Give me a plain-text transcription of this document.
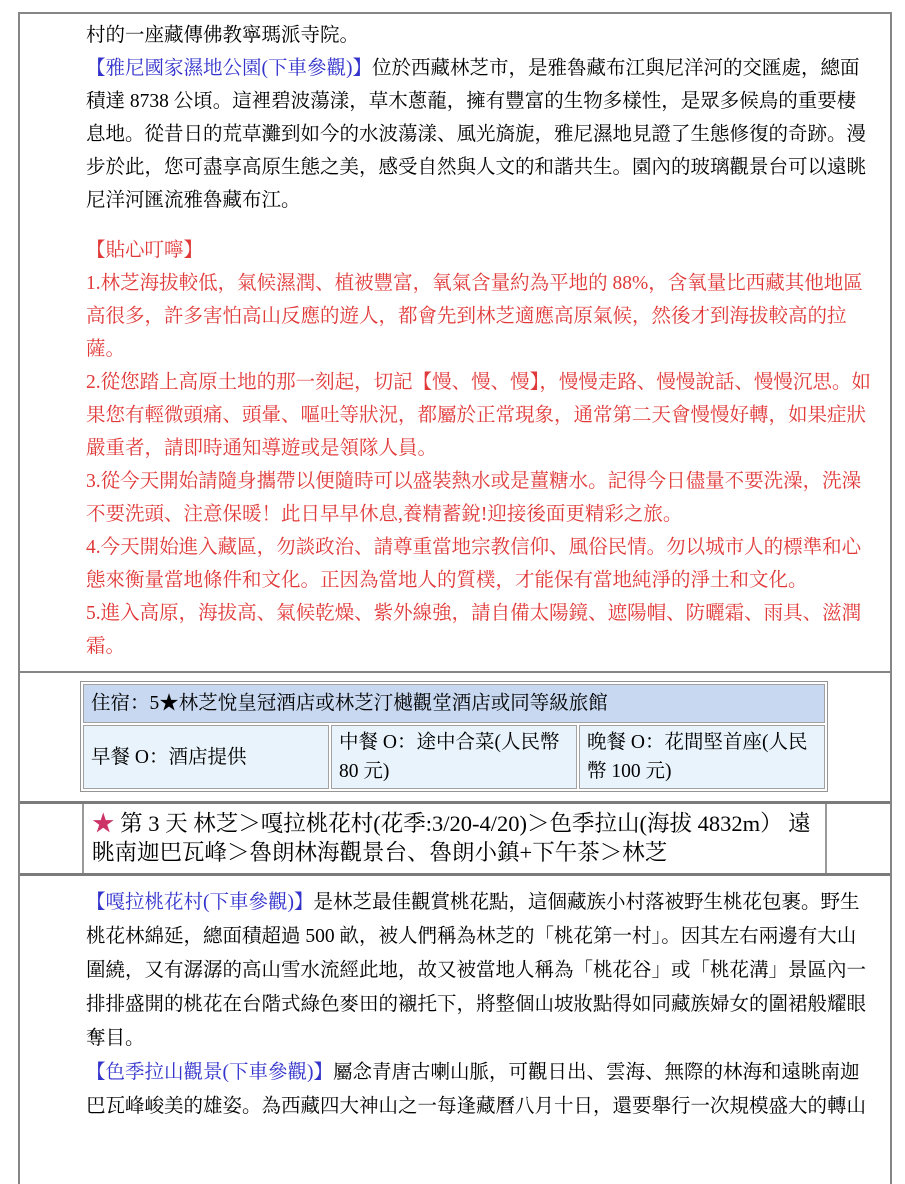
村的一座藏傳佛教寧瑪派寺院。

【雅尼國家濕地公園(下車參觀)】位於西藏林芝市，是雅魯藏布江與尼洋河的交匯處，總面積達 8738 公頃。這裡碧波蕩漾，草木蔥蘢，擁有豐富的生物多樣性，是眾多候鳥的重要棲息地。從昔日的荒草灘到如今的水波蕩漾、風光旖旎，雅尼濕地見證了生態修復的奇跡。漫步於此，您可盡享高原生態之美，感受自然與人文的和諧共生。園內的玻璃觀景台可以遠眺尼洋河匯流雅魯藏布江。

【貼心叮嚀】

1.林芝海拔較低，氣候濕潤、植被豐富，氧氣含量約為平地的 88%，含氧量比西藏其他地區高很多，許多害怕高山反應的遊人，都會先到林芝適應高原氣候，然後才到海拔較高的拉薩。

2.從您踏上高原土地的那一刻起，切記【慢、慢、慢】，慢慢走路、慢慢說話、慢慢沉思。如果您有輕微頭痛、頭暈、嘔吐等狀況，都屬於正常現象，通常第二天會慢慢好轉，如果症狀嚴重者，請即時通知導遊或是領隊人員。

3.從今天開始請隨身攜帶以便隨時可以盛裝熱水或是薑糖水。記得今日儘量不要洗澡，洗澡不要洗頭、注意保暖！此日早早休息,養精蓄銳!迎接後面更精彩之旅。

4.今天開始進入藏區，勿談政治、請尊重當地宗教信仰、風俗民情。勿以城市人的標準和心態來衡量當地條件和文化。正因為當地人的質樸，才能保有當地純淨的淨土和文化。

5.進入高原，海拔高、氣候乾燥、紫外線強，請自備太陽鏡、遮陽帽、防曬霜、雨具、滋潤霜。

住宿：5★林芝悅皇冠酒店或林芝汀樾觀堂酒店或同等級旅館
早餐 O：酒店提供	中餐 O：途中合菜(人民幣 80 元)	晚餐 O：花間堅首座(人民幣 100 元)
★ 第 3 天 林芝＞嘎拉桃花村(花季:3/20-4/20)＞色季拉山(海拔 4832m） 遠眺南迦巴瓦峰＞魯朗林海觀景台、魯朗小鎮+下午茶＞林芝

【嘎拉桃花村(下車參觀)】是林芝最佳觀賞桃花點，這個藏族小村落被野生桃花包裹。野生桃花林綿延，總面積超過 500 畝，被人們稱為林芝的「桃花第一村」。因其左右兩邊有大山圍繞，又有潺潺的高山雪水流經此地，故又被當地人稱為「桃花谷」或「桃花溝」景區內一排排盛開的桃花在台階式綠色麥田的襯托下，將整個山坡妝點得如同藏族婦女的圍裙般耀眼奪目。

【色季拉山觀景(下車參觀)】屬念青唐古喇山脈，可觀日出、雲海、無際的林海和遠眺南迦巴瓦峰峻美的雄姿。為西藏四大神山之一每逢藏曆八月十日，還要舉行一次規模盛大的轉山
